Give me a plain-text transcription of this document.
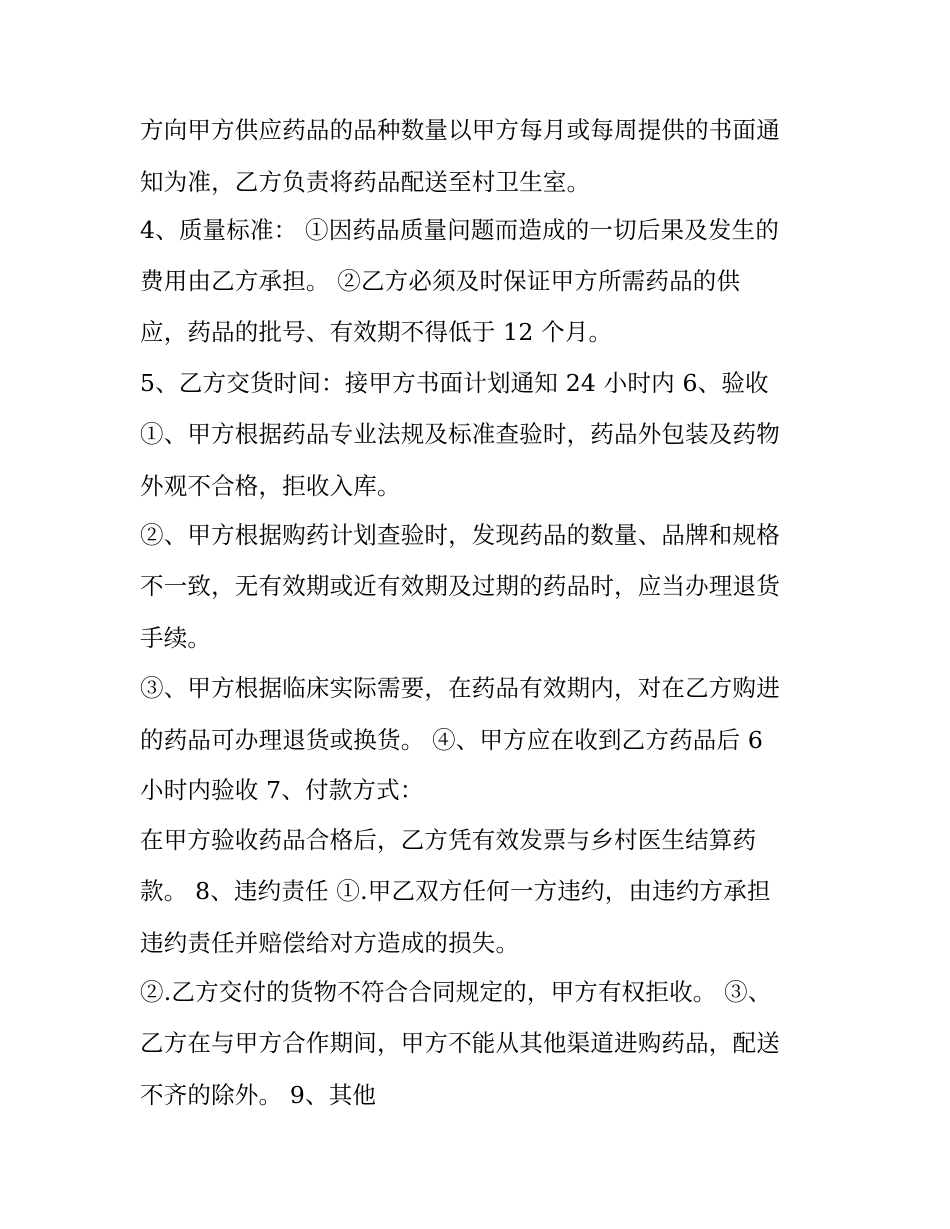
方向甲方供应药品的品种数量以甲方每月或每周提供的书面通
知为准，乙方负责将药品配送至村卫生室。
4、质量标准： ①因药品质量问题而造成的一切后果及发生的
费用由乙方承担。 ②乙方必须及时保证甲方所需药品的供
应，药品的批号、有效期不得低于 12 个月。
5、乙方交货时间：接甲方书面计划通知 24 小时内 6、验收
①、甲方根据药品专业法规及标准查验时，药品外包装及药物
外观不合格，拒收入库。
②、甲方根据购药计划查验时，发现药品的数量、品牌和规格
不一致，无有效期或近有效期及过期的药品时，应当办理退货
手续。
③、甲方根据临床实际需要，在药品有效期内，对在乙方购进
的药品可办理退货或换货。 ④、甲方应在收到乙方药品后 6
小时内验收 7、付款方式：
在甲方验收药品合格后，乙方凭有效发票与乡村医生结算药
款。 8、违约责任 ①.甲乙双方任何一方违约，由违约方承担
违约责任并赔偿给对方造成的损失。
②.乙方交付的货物不符合合同规定的，甲方有权拒收。 ③、
乙方在与甲方合作期间，甲方不能从其他渠道进购药品，配送
不齐的除外。 9、其他
